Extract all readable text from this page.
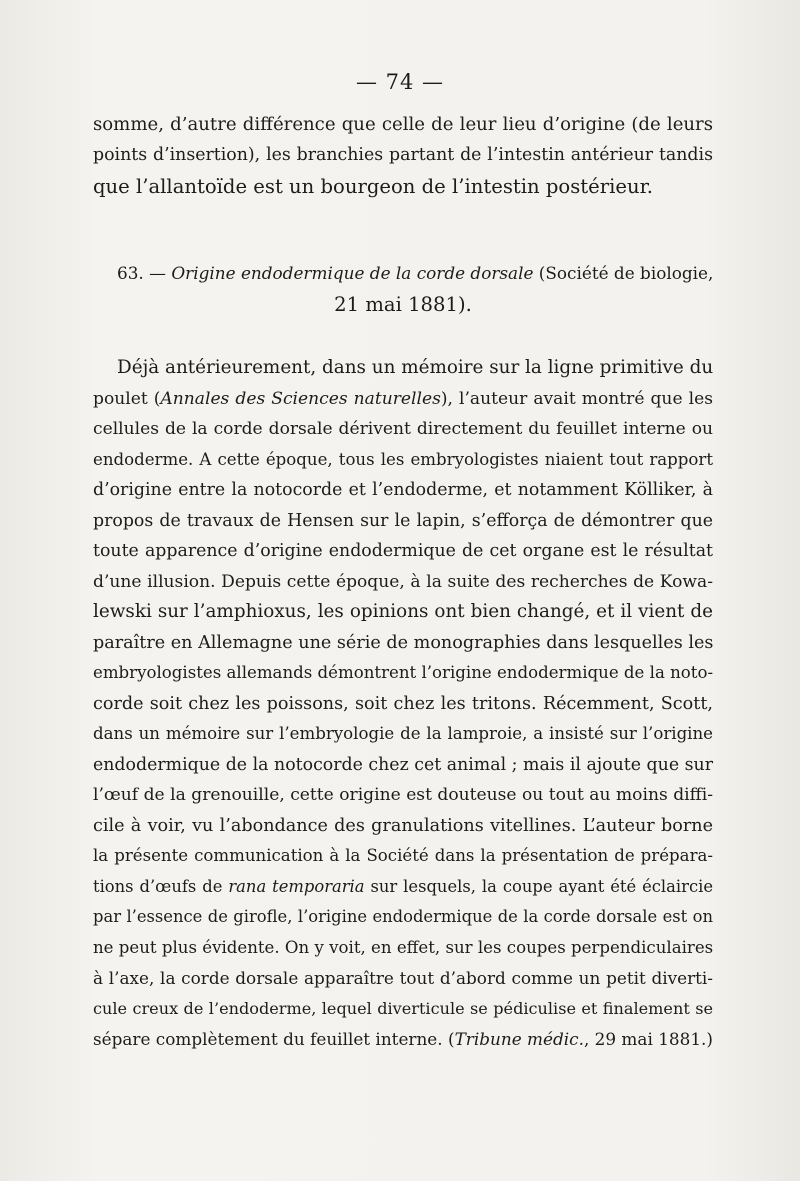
— 74 —
somme, d’autre différence que celle de leur lieu d’origine (de leurs
points d’insertion), les branchies partant de l’intestin antérieur tandis
que l’allantoïde est un bourgeon de l’intestin postérieur.
63. — Origine endodermique de la corde dorsale (Société de biologie,
21 mai 1881).
Déjà antérieurement, dans un mémoire sur la ligne primitive du
poulet (Annales des Sciences naturelles), l’auteur avait montré que les
cellules de la corde dorsale dérivent directement du feuillet interne ou
endoderme. A cette époque, tous les embryologistes niaient tout rapport
d’origine entre la notocorde et l’endoderme, et notamment Kölliker, à
propos de travaux de Hensen sur le lapin, s’efforça de démontrer que
toute apparence d’origine endodermique de cet organe est le résultat
d’une illusion. Depuis cette époque, à la suite des recherches de Kowa-
lewski sur l’amphioxus, les opinions ont bien changé, et il vient de
paraître en Allemagne une série de monographies dans lesquelles les
embryologistes allemands démontrent l’origine endodermique de la noto-
corde soit chez les poissons, soit chez les tritons. Récemment, Scott,
dans un mémoire sur l’embryologie de la lamproie, a insisté sur l’origine
endodermique de la notocorde chez cet animal ; mais il ajoute que sur
l’œuf de la grenouille, cette origine est douteuse ou tout au moins diffi-
cile à voir, vu l’abondance des granulations vitellines. L’auteur borne
la présente communication à la Société dans la présentation de prépara-
tions d’œufs de rana temporaria sur lesquels, la coupe ayant été éclaircie
par l’essence de girofle, l’origine endodermique de la corde dorsale est on
ne peut plus évidente. On y voit, en effet, sur les coupes perpendiculaires
à l’axe, la corde dorsale apparaître tout d’abord comme un petit diverti-
cule creux de l’endoderme, lequel diverticule se pédiculise et finalement se
sépare complètement du feuillet interne. (Tribune médic., 29 mai 1881.)
